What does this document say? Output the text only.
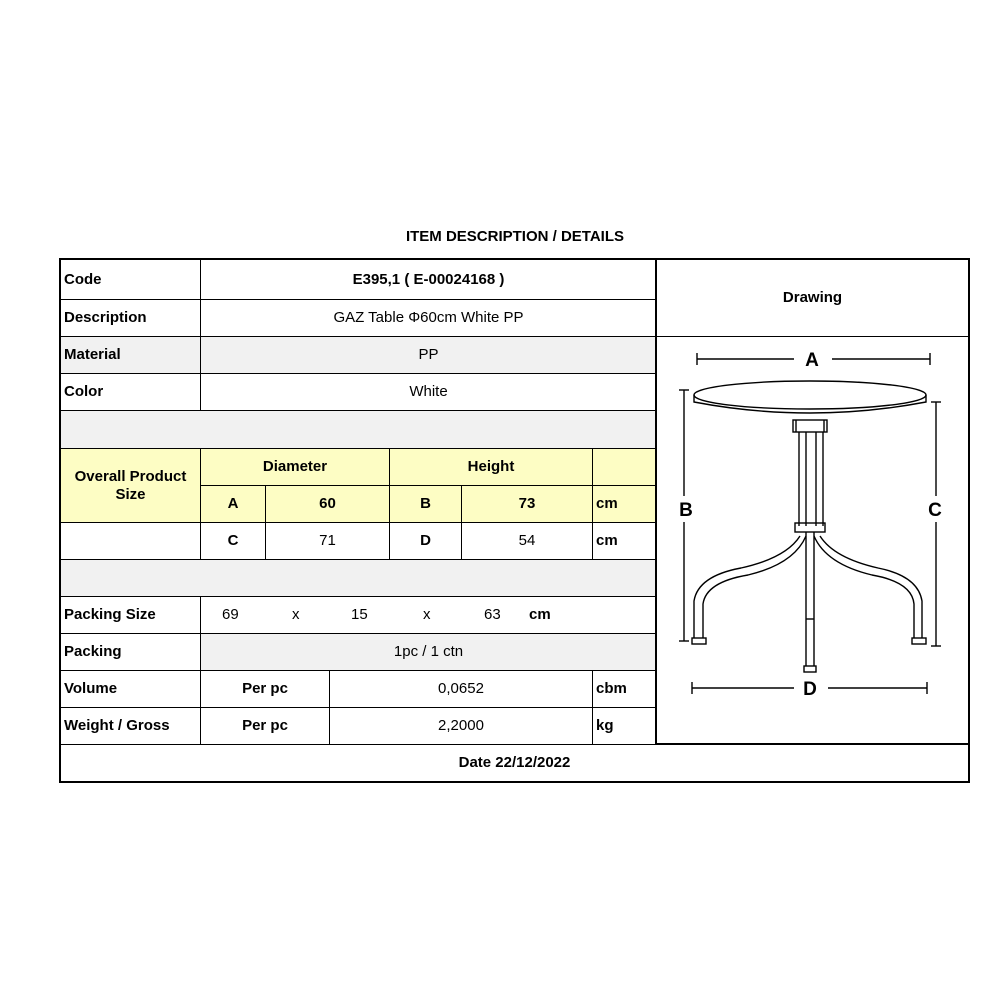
ITEM DESCRIPTION / DETAILS
Code	E395,1 ( E-00024168 )
Drawing
Description	GAZ Table Φ60cm White PP
Material	PP
Color	White
Overall Product Size
Diameter	Height
A	60	B	73	cm
C	71	D	54	cm
Packing Size	69	x	15	x	63 cm
Packing	1pc / 1 ctn
Volume	Per pc	0,0652	cbm
Weight / Gross	Per pc	2,2000	kg
A
B	C
D
Date 22/12/2022
